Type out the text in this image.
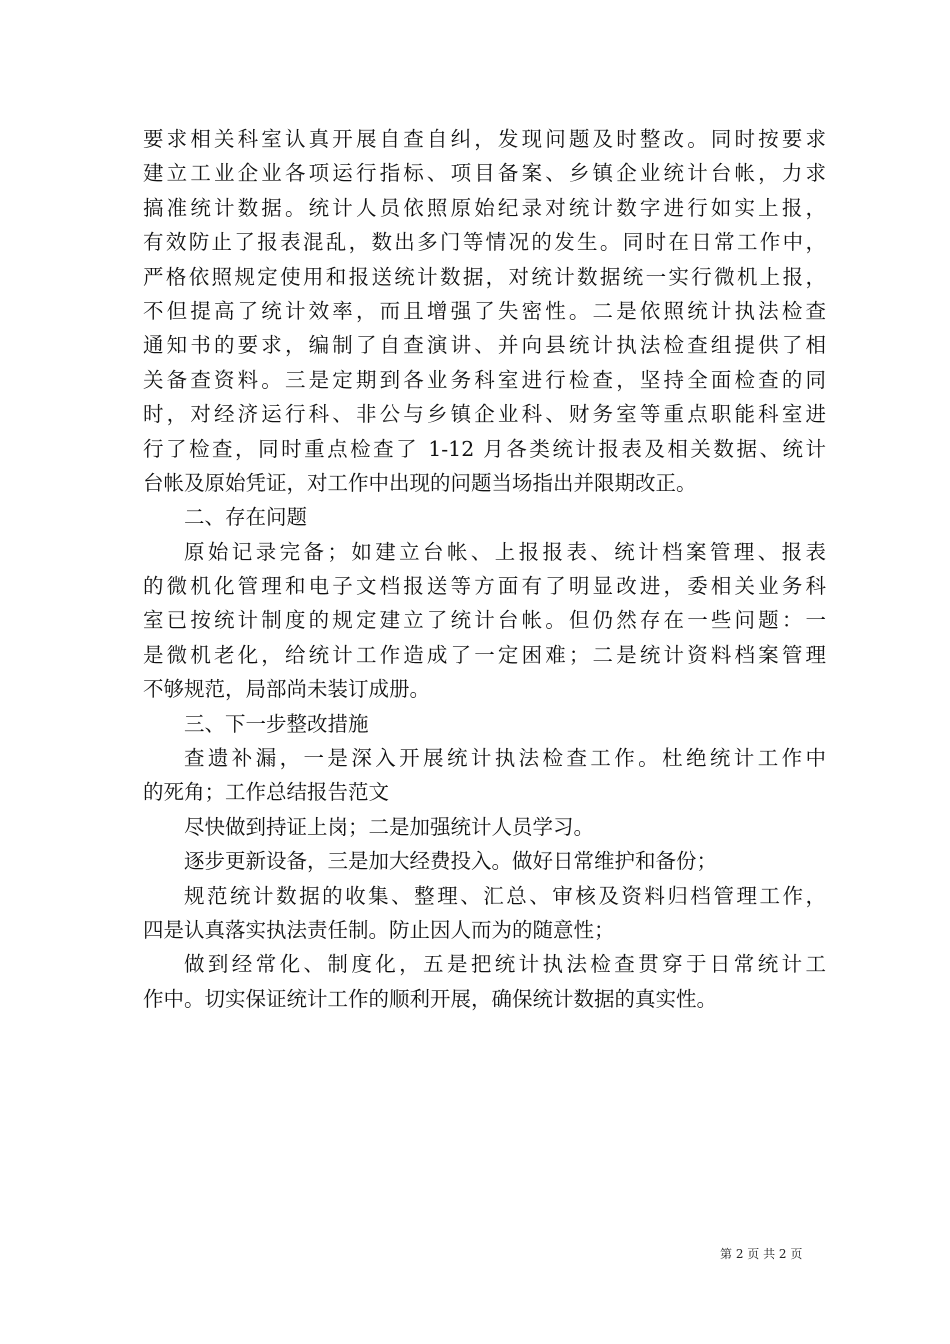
要求相关科室认真开展自查自纠，发现问题及时整改。同时按要求
建立工业企业各项运行指标、项目备案、乡镇企业统计台帐，力求
搞准统计数据。统计人员依照原始纪录对统计数字进行如实上报，
有效防止了报表混乱，数出多门等情况的发生。同时在日常工作中，
严格依照规定使用和报送统计数据，对统计数据统一实行微机上报，
不但提高了统计效率，而且增强了失密性。二是依照统计执法检查
通知书的要求，编制了自查演讲、并向县统计执法检查组提供了相
关备查资料。三是定期到各业务科室进行检查，坚持全面检查的同
时，对经济运行科、非公与乡镇企业科、财务室等重点职能科室进
行了检查，同时重点检查了 1-12 月各类统计报表及相关数据、统计
台帐及原始凭证，对工作中出现的问题当场指出并限期改正。
二、存在问题
原始记录完备；如建立台帐、上报报表、统计档案管理、报表
的微机化管理和电子文档报送等方面有了明显改进，委相关业务科
室已按统计制度的规定建立了统计台帐。但仍然存在一些问题：一
是微机老化，给统计工作造成了一定困难；二是统计资料档案管理
不够规范，局部尚未装订成册。
三、下一步整改措施
查遗补漏，一是深入开展统计执法检查工作。杜绝统计工作中
的死角；工作总结报告范文
尽快做到持证上岗；二是加强统计人员学习。
逐步更新设备，三是加大经费投入。做好日常维护和备份；
规范统计数据的收集、整理、汇总、审核及资料归档管理工作，
四是认真落实执法责任制。防止因人而为的随意性；
做到经常化、制度化，五是把统计执法检查贯穿于日常统计工
作中。切实保证统计工作的顺利开展，确保统计数据的真实性。
第 2 页 共 2 页
